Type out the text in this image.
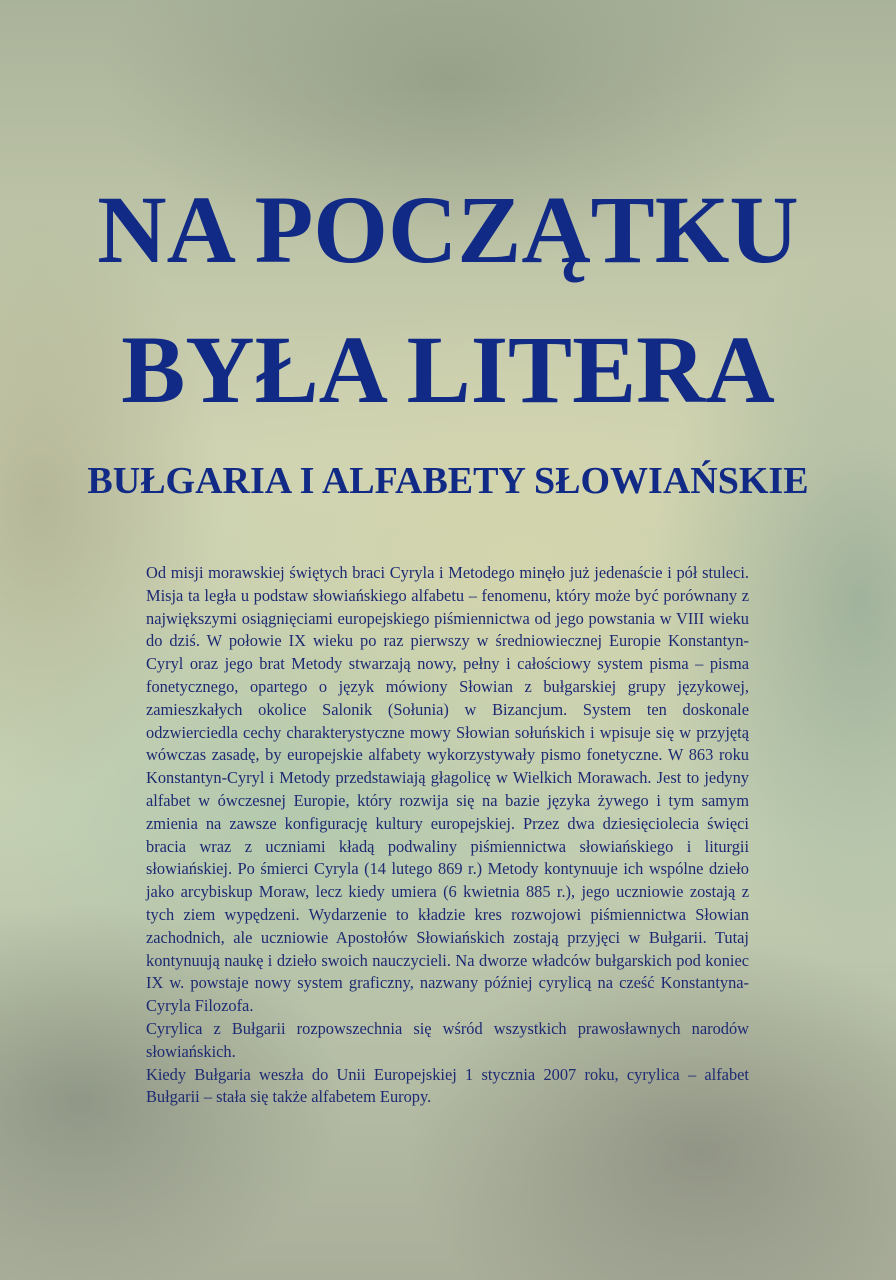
NA POCZĄTKU
BYŁA LITERA
BUŁGARIA I ALFABETY SŁOWIAŃSKIE

Od misji morawskiej świętych braci Cyryla i Metodego minęło już jedenaście i pół stuleci. Misja ta legła u podstaw słowiańskiego alfabetu – fenomenu, który może być porównany z największymi osiągnięciami europejskiego piśmiennictwa od jego powstania w VIII wieku do dziś. W połowie IX wieku po raz pierwszy w średniowiecznej Europie Konstantyn-Cyryl oraz jego brat Metody stwarzają nowy, pełny i całościowy system pisma – pisma fonetycznego, opartego o język mówiony Słowian z bułgarskiej grupy językowej, zamieszkałych okolice Salonik (Sołunia) w Bizancjum. System ten doskonale odzwierciedla cechy charakterystyczne mowy Słowian sołuńskich i wpisuje się w przyjętą wówczas zasadę, by europejskie alfabety wykorzystywały pismo fonetyczne. W 863 roku Konstantyn-Cyryl i Metody przedstawiają głagolicę w Wielkich Morawach. Jest to jedyny alfabet w ówczesnej Europie, który rozwija się na bazie języka żywego i tym samym zmienia na zawsze konfigurację kultury europejskiej. Przez dwa dziesięciolecia święci bracia wraz z uczniami kładą podwaliny piśmiennictwa słowiańskiego i liturgii słowiańskiej. Po śmierci Cyryla (14 lutego 869 r.) Metody kontynuuje ich wspólne dzieło jako arcybiskup Moraw, lecz kiedy umiera (6 kwietnia 885 r.), jego uczniowie zostają z tych ziem wypędzeni. Wydarzenie to kładzie kres rozwojowi piśmiennictwa Słowian zachodnich, ale uczniowie Apostołów Słowiańskich zostają przyjęci w Bułgarii. Tutaj kontynuują naukę i dzieło swoich nauczycieli. Na dworze władców bułgarskich pod koniec IX w. powstaje nowy system graficzny, nazwany później cyrylicą na cześć Konstantyna-Cyryla Filozofa.

Cyrylica z Bułgarii rozpowszechnia się wśród wszystkich prawosławnych narodów słowiańskich.

Kiedy Bułgaria weszła do Unii Europejskiej 1 stycznia 2007 roku, cyrylica – alfabet Bułgarii – stała się także alfabetem Europy.
